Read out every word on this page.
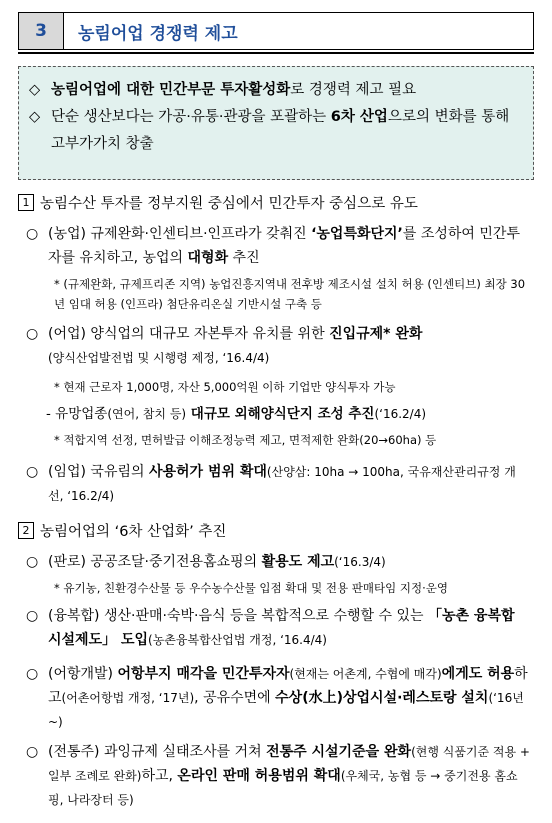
3	농림어업 경쟁력 제고
◇ 농림어업에 대한 민간부문 투자활성화로 경쟁력 제고 필요
◇ 단순 생산보다는 가공·유통·관광을 포괄하는 6차 산업으로의 변화를 통해 고부가가치 창출
1 농림수산 투자를 정부지원 중심에서 민간투자 중심으로 유도
○ (농업) 규제완화·인센티브·인프라가 갖춰진 ‘농업특화단지’를 조성하여 민간투자를 유치하고, 농업의 대형화 추진
* (규제완화, 규제프리존 지역) 농업진흥지역내 전후방 제조시설 설치 허용 (인센티브) 최장 30년 임대 허용 (인프라) 첨단유리온실 기반시설 구축 등
○ (어업) 양식업의 대규모 자본투자 유치를 위한 진입규제* 완화
(양식산업발전법 및 시행령 제정, ‘16.4/4)
* 현재 근로자 1,000명, 자산 5,000억원 이하 기업만 양식투자 가능
- 유망업종(연어, 참치 등) 대규모 외해양식단지 조성 추진(‘16.2/4)
* 적합지역 선정, 면허발급 이해조정능력 제고, 면적제한 완화(20→60ha) 등
○ (임업) 국유림의 사용허가 범위 확대(산양삼: 10ha → 100ha, 국유재산관리규정 개선, ‘16.2/4)
2 농림어업의 ‘6차 산업화’ 추진
○ (판로) 공공조달·중기전용홈쇼핑의 활용도 제고(‘16.3/4)
* 유기농, 친환경수산물 등 우수농수산물 입점 확대 및 전용 판매타임 지정·운영
○ (융복합) 생산·판매·숙박·음식 등을 복합적으로 수행할 수 있는 「농촌 융복합 시설제도」 도입(농촌융복합산업법 개정, ‘16.4/4)
○ (어항개발) 어항부지 매각을 민간투자자(현재는 어촌계, 수협에 매각)에게도 허용하고(어촌어항법 개정, ‘17년), 공유수면에 수상(水上)상업시설·레스토랑 설치(‘16년~)
○ (전통주) 과잉규제 실태조사를 거쳐 전통주 시설기준을 완화(현행 식품기준 적용 + 일부 조례로 완화)하고, 온라인 판매 허용범위 확대(우체국, 농협 등 → 중기전용 홈쇼핑, 나라장터 등)
